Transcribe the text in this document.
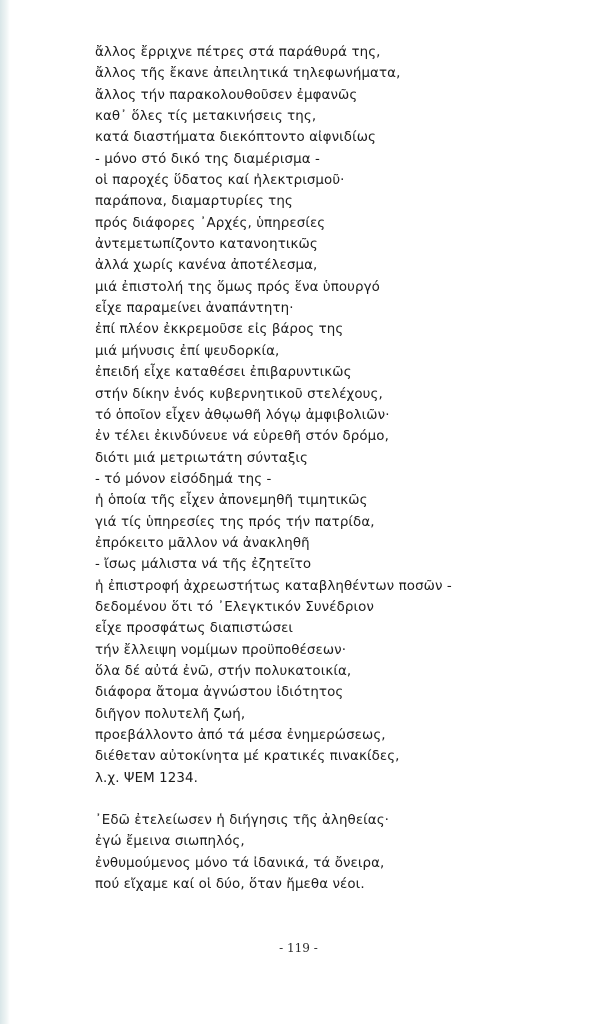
ἄλλος ἔρριχνε πέτρες στά παράθυρά της,
ἄλλος τῆς ἔκανε ἀπειλητικά τηλεφωνήματα,
ἄλλος τήν παρακολουθοῦσεν ἐμφανῶς
καθ᾿ ὅλες τίς μετακινήσεις της,
κατά διαστήματα διεκόπτοντο αἰφνιδίως
- μόνο στό δικό της διαμέρισμα -
οἱ παροχές ὕδατος καί ἠλεκτρισμοῦ·
παράπονα, διαμαρτυρίες της
πρός διάφορες ᾿Αρχές, ὑπηρεσίες
ἀντεμετωπίζοντο κατανοητικῶς
ἀλλά χωρίς κανένα ἀποτέλεσμα,
μιά ἐπιστολή της ὅμως πρός ἕνα ὑπουργό
εἶχε παραμείνει ἀναπάντητη·
ἐπί πλέον ἐκκρεμοῦσε εἰς βάρος της
μιά μήνυσις ἐπί ψευδορκία,
ἐπειδή εἶχε καταθέσει ἐπιβαρυντικῶς
στήν δίκην ἑνός κυβερνητικοῦ στελέχους,
τό ὁποῖον εἶχεν ἀθῳωθῆ λόγῳ ἀμφιβολιῶν·
ἐν τέλει ἐκινδύνευε νά εὑρεθῆ στόν δρόμο,
διότι μιά μετριωτάτη σύνταξις
- τό μόνον εἰσόδημά της -
ἡ ὁποία τῆς εἶχεν ἀπονεμηθῆ τιμητικῶς
γιά τίς ὑπηρεσίες της πρός τήν πατρίδα,
ἐπρόκειτο μᾶλλον νά ἀνακληθῆ
- ἴσως μάλιστα νά τῆς ἐζητεῖτο
ἡ ἐπιστροφή ἀχρεωστήτως καταβληθέντων ποσῶν -
δεδομένου ὅτι τό ᾿Ελεγκτικόν Συνέδριον
εἶχε προσφάτως διαπιστώσει
τήν ἔλλειψη νομίμων προϋποθέσεων·
ὅλα δέ αὐτά ἐνῶ, στήν πολυκατοικία,
διάφορα ἄτομα ἀγνώστου ἰδιότητος
διῆγον πολυτελῆ ζωή,
προεβάλλοντο ἀπό τά μέσα ἐνημερώσεως,
διέθεταν αὐτοκίνητα μέ κρατικές πινακίδες,
λ.χ. ΨΕΜ 1234.
᾿Εδῶ ἐτελείωσεν ἡ διήγησις τῆς ἀληθείας·
ἐγώ ἔμεινα σιωπηλός,
ἐνθυμούμενος μόνο τά ἰδανικά, τά ὄνειρα,
πού εἴχαμε καί οἱ δύο, ὅταν ἤμεθα νέοι.
- 119 -
